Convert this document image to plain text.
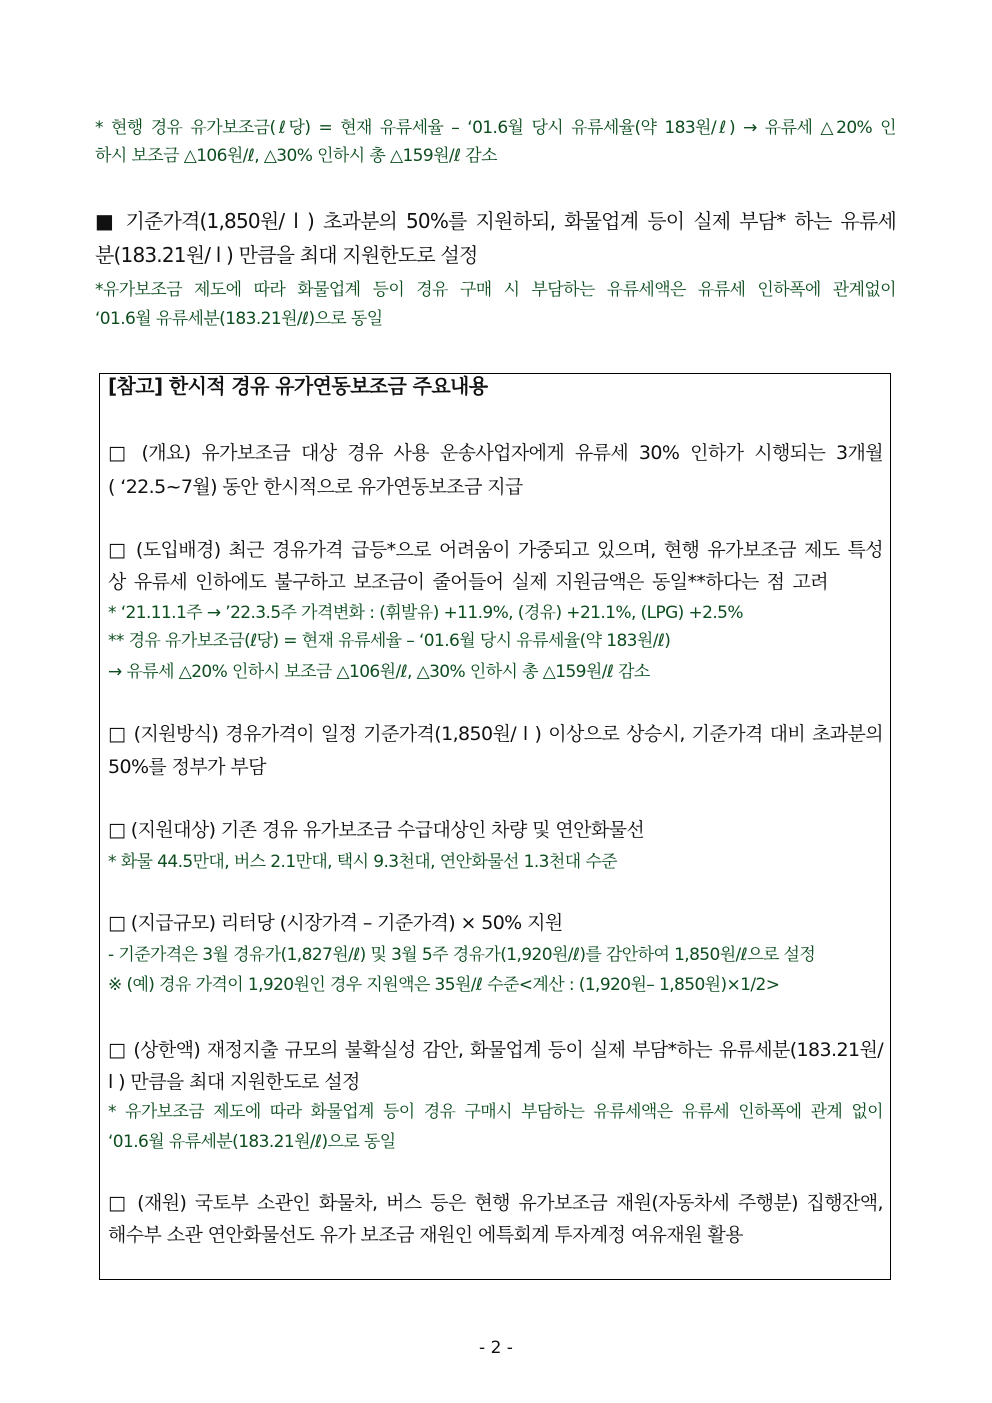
* 현행 경유 유가보조금(ℓ당) = 현재 유류세율 – ‘01.6월 당시 유류세율(약 183원/ℓ) → 유류세 △20% 인
하시 보조금 △106원/ℓ, △30% 인하시 총 △159원/ℓ 감소
■ 기준가격(1,850원/ l ) 초과분의 50%를 지원하되, 화물업계 등이 실제 부담* 하는 유류세
분(183.21원/ l ) 만큼을 최대 지원한도로 설정
*유가보조금 제도에 따라 화물업계 등이 경유 구매 시 부담하는 유류세액은 유류세 인하폭에 관계없이
‘01.6월 유류세분(183.21원/ℓ)으로 동일
[참고] 한시적 경유 유가연동보조금 주요내용
□ (개요) 유가보조금 대상 경유 사용 운송사업자에게 유류세 30% 인하가 시행되는 3개월
( ‘22.5~7월) 동안 한시적으로 유가연동보조금 지급
□ (도입배경) 최근 경유가격 급등*으로 어려움이 가중되고 있으며, 현행 유가보조금 제도 특성
상 유류세 인하에도 불구하고 보조금이 줄어들어 실제 지원금액은 동일**하다는 점 고려
* ‘21.11.1주 → ’22.3.5주 가격변화 : (휘발유) +11.9%, (경유) +21.1%, (LPG) +2.5%
** 경유 유가보조금(ℓ당) = 현재 유류세율 – ‘01.6월 당시 유류세율(약 183원/ℓ)
→ 유류세 △20% 인하시 보조금 △106원/ℓ, △30% 인하시 총 △159원/ℓ 감소
□ (지원방식) 경유가격이 일정 기준가격(1,850원/ l ) 이상으로 상승시, 기준가격 대비 초과분의
50%를 정부가 부담
□ (지원대상) 기존 경유 유가보조금 수급대상인 차량 및 연안화물선
* 화물 44.5만대, 버스 2.1만대, 택시 9.3천대, 연안화물선 1.3천대 수준
□ (지급규모) 리터당 (시장가격 – 기준가격) × 50% 지원
- 기준가격은 3월 경유가(1,827원/ℓ) 및 3월 5주 경유가(1,920원/ℓ)를 감안하여 1,850원/ℓ으로 설정
※ (예) 경유 가격이 1,920원인 경우 지원액은 35원/ℓ 수준<계산 : (1,920원– 1,850원)×1/2>
□ (상한액) 재정지출 규모의 불확실성 감안, 화물업계 등이 실제 부담*하는 유류세분(183.21원/
l ) 만큼을 최대 지원한도로 설정
* 유가보조금 제도에 따라 화물업계 등이 경유 구매시 부담하는 유류세액은 유류세 인하폭에 관계 없이
‘01.6월 유류세분(183.21원/ℓ)으로 동일
□ (재원) 국토부 소관인 화물차, 버스 등은 현행 유가보조금 재원(자동차세 주행분) 집행잔액,
해수부 소관 연안화물선도 유가 보조금 재원인 에특회계 투자계정 여유재원 활용
- 2 -
